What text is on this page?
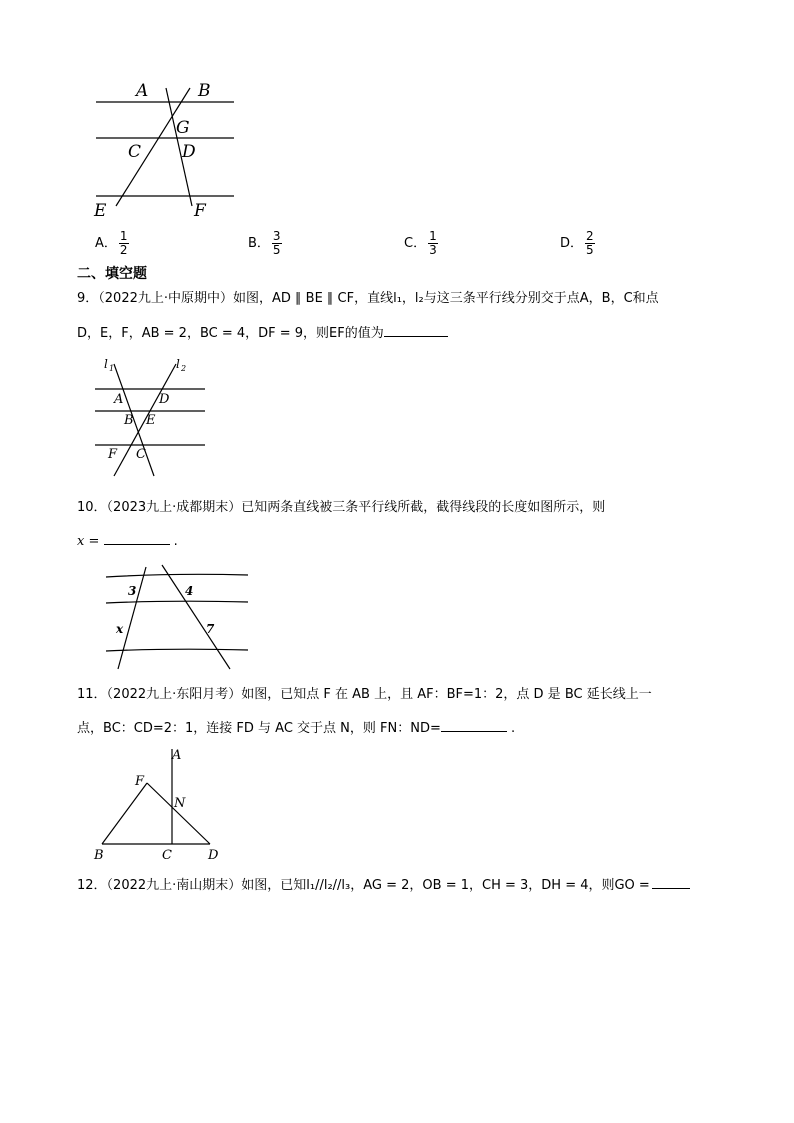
A	B
G
C D
E	F
A． $\frac{1}{2}$	B． $\frac{3}{5}$	C． $\frac{1}{3}$	D． $\frac{2}{5}$
二、填空题
9．（2022九上·中原期中）如图，AD ∥ BE ∥ CF，直线l₁，l₂与这三条平行线分别交于点A，B，C和点
D，E，F，AB = 2，BC = 4，DF = 9，则EF的值为
l 1	l 2
A	D
B E
F C
10．（2023九上·成都期末）已知两条直线被三条平行线所截，截得线段的长度如图所示，则
x =	.
3	4
x	7
11．（2022九上·东阳月考）如图，已知点 F 在 AB 上，且 AF：BF=1：2，点 D 是 BC 延长线上一
点，BC：CD=2：1，连接 FD 与 AC 交于点 N，则 FN：ND=	.
A
F
N
B	C	D
12．（2022九上·南山期末）如图，已知l₁//l₂//l₃，AG = 2，OB = 1，CH = 3，DH = 4，则GO =
